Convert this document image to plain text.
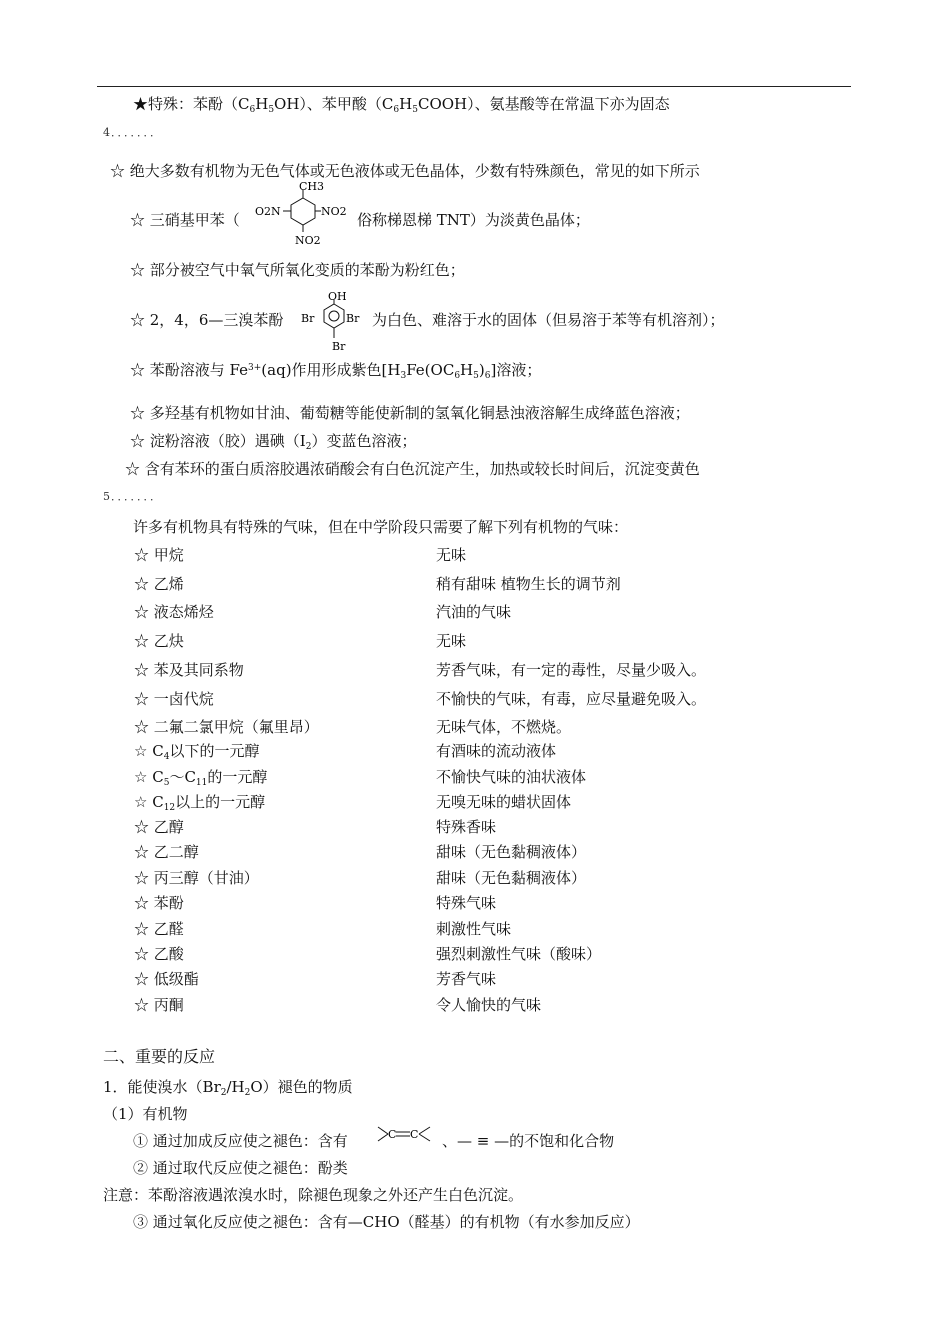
★特殊：苯酚$(C_6H_5OH)$、苯甲酸$(C_6H_5COOH)$、氨基酸等在常温下亦为固态
4．．．．．．．
☆ 绝大多数有机物为无色气体或无色液体或无色晶体，少数有特殊颜色，常见的如下所示
☆ 三硝基甲苯（
CH3
O2N	NO2
NO2
俗称梯恩梯 TNT）为淡黄色晶体；
☆ 部分被空气中氧气所氧化变质的苯酚为粉红色；
☆ 2，4，6—三溴苯酚
OH
Br	Br
Br
为白色、难溶于水的固体（但易溶于苯等有机溶剂）；
☆ 苯酚溶液与 $Fe^{3+}(aq)$作用形成紫色$[H_3Fe(OC_6H_5)_6]$溶液；
☆ 多羟基有机物如甘油、葡萄糖等能使新制的氢氧化铜悬浊液溶解生成绛蓝色溶液；
☆ 淀粉溶液（胶）遇碘$(I_2)$变蓝色溶液；
☆ 含有苯环的蛋白质溶胶遇浓硝酸会有白色沉淀产生，加热或较长时间后，沉淀变黄色
5．．．．．．．
许多有机物具有特殊的气味，但在中学阶段只需要了解下列有机物的气味：
☆ 甲烷	无味
☆ 乙烯	稍有甜味 植物生长的调节剂
☆ 液态烯烃	汽油的气味
☆ 乙炔	无味
☆ 苯及其同系物	芳香气味，有一定的毒性，尽量少吸入。
☆ 一卤代烷	不愉快的气味，有毒，应尽量避免吸入。
☆ 二氟二氯甲烷（氟里昂）	无味气体，不燃烧。
☆ $C_4$以下的一元醇	有酒味的流动液体
☆ $C_5\sim C_{11}$的一元醇	不愉快气味的油状液体
☆ $C_{12}$以上的一元醇	无嗅无味的蜡状固体
☆ 乙醇	特殊香味
☆ 乙二醇	甜味（无色黏稠液体）
☆ 丙三醇（甘油）	甜味（无色黏稠液体）
☆ 苯酚	特殊气味
☆ 乙醛	刺激性气味
☆ 乙酸	强烈刺激性气味（酸味）
☆ 低级酯	芳香气味
☆ 丙酮	令人愉快的气味
二、重要的反应
1．能使溴水$(Br_2/H_2O)$褪色的物质
（1）有机物
① 通过加成反应使之褪色：含有	C C 、— ≡ —的不饱和化合物
② 通过取代反应使之褪色：酚类
注意：苯酚溶液遇浓溴水时，除褪色现象之外还产生白色沉淀。
③ 通过氧化反应使之褪色：含有—CHO（醛基）的有机物（有水参加反应）
